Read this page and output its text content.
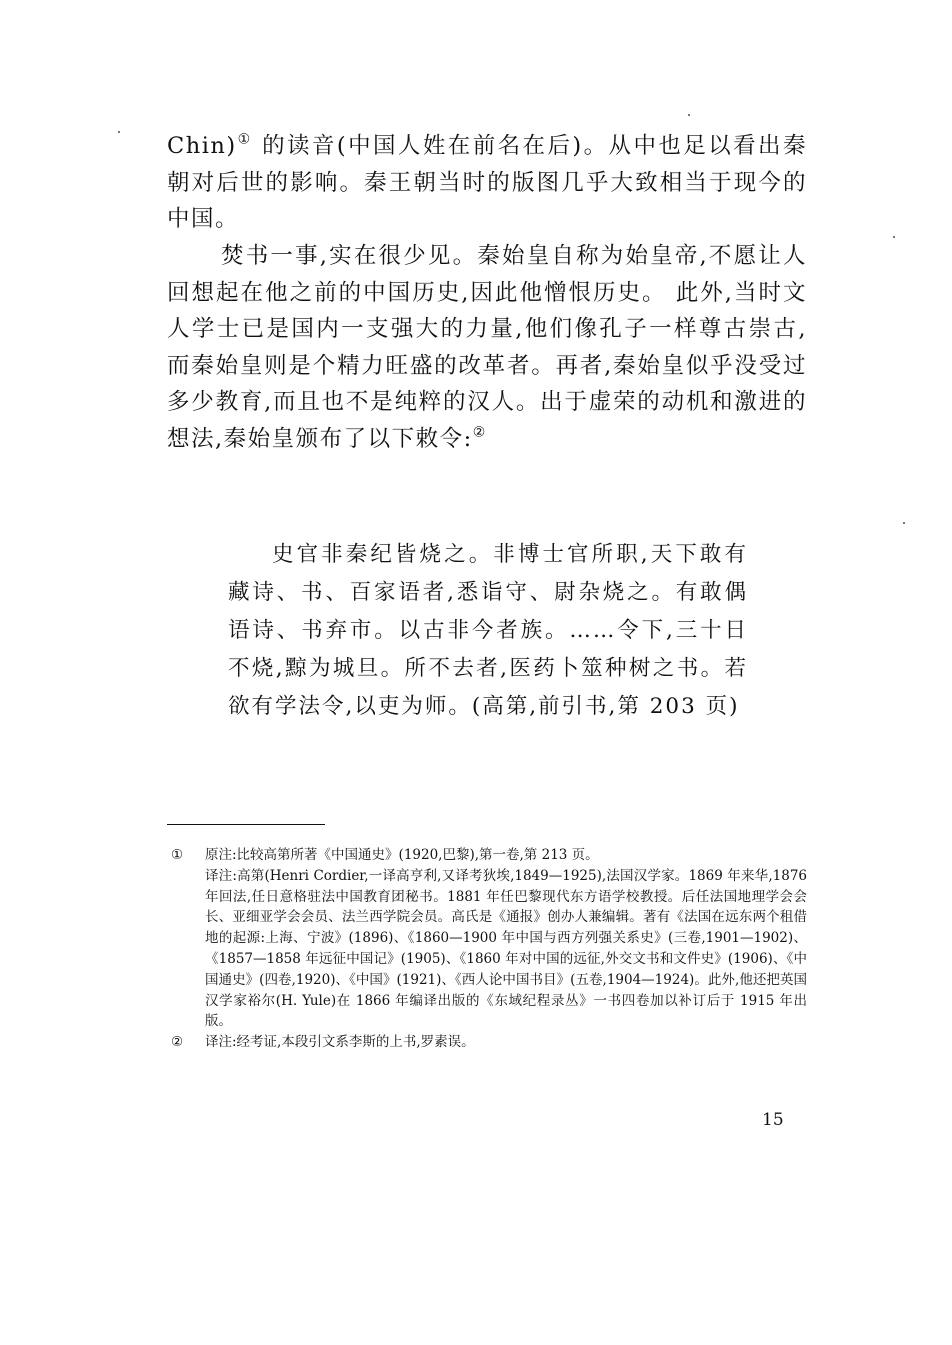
Chin)① 的读音(中国人姓在前名在后)。从中也足以看出秦朝对后世的影响。秦王朝当时的版图几乎大致相当于现今的中国。

焚书一事,实在很少见。秦始皇自称为始皇帝,不愿让人回想起在他之前的中国历史,因此他憎恨历史。 此外,当时文人学士已是国内一支强大的力量,他们像孔子一样尊古崇古,而秦始皇则是个精力旺盛的改革者。再者,秦始皇似乎没受过多少教育,而且也不是纯粹的汉人。出于虚荣的动机和激进的想法,秦始皇颁布了以下敕令:②

史官非秦纪皆烧之。非博士官所职,天下敢有藏诗、书、百家语者,悉诣守、尉杂烧之。有敢偶语诗、书弃市。以古非今者族。……令下,三十日不烧,黥为城旦。所不去者,医药卜筮种树之书。若欲有学法令,以吏为师。(高第,前引书,第 203 页)

① 原注:比较高第所著《中国通史》(1920,巴黎),第一卷,第 213 页。
译注:高第(Henri Cordier,一译高亨利,又译考狄埃,1849—1925),法国汉学家。1869 年来华,1876 年回法,任日意格驻法中国教育团秘书。1881 年任巴黎现代东方语学校教授。后任法国地理学会会长、亚细亚学会会员、法兰西学院会员。高氏是《通报》创办人兼编辑。著有《法国在远东两个租借地的起源:上海、宁波》(1896)、《1860—1900 年中国与西方列强关系史》(三卷,1901—1902)、《1857—1858 年远征中国记》(1905)、《1860 年对中国的远征,外交文书和文件史》(1906)、《中国通史》(四卷,1920)、《中国》(1921)、《西人论中国书目》(五卷,1904—1924)。此外,他还把英国汉学家裕尔(H. Yule)在 1866 年编译出版的《东域纪程录丛》一书四卷加以补订后于 1915 年出版。
② 译注:经考证,本段引文系李斯的上书,罗素误。
15
